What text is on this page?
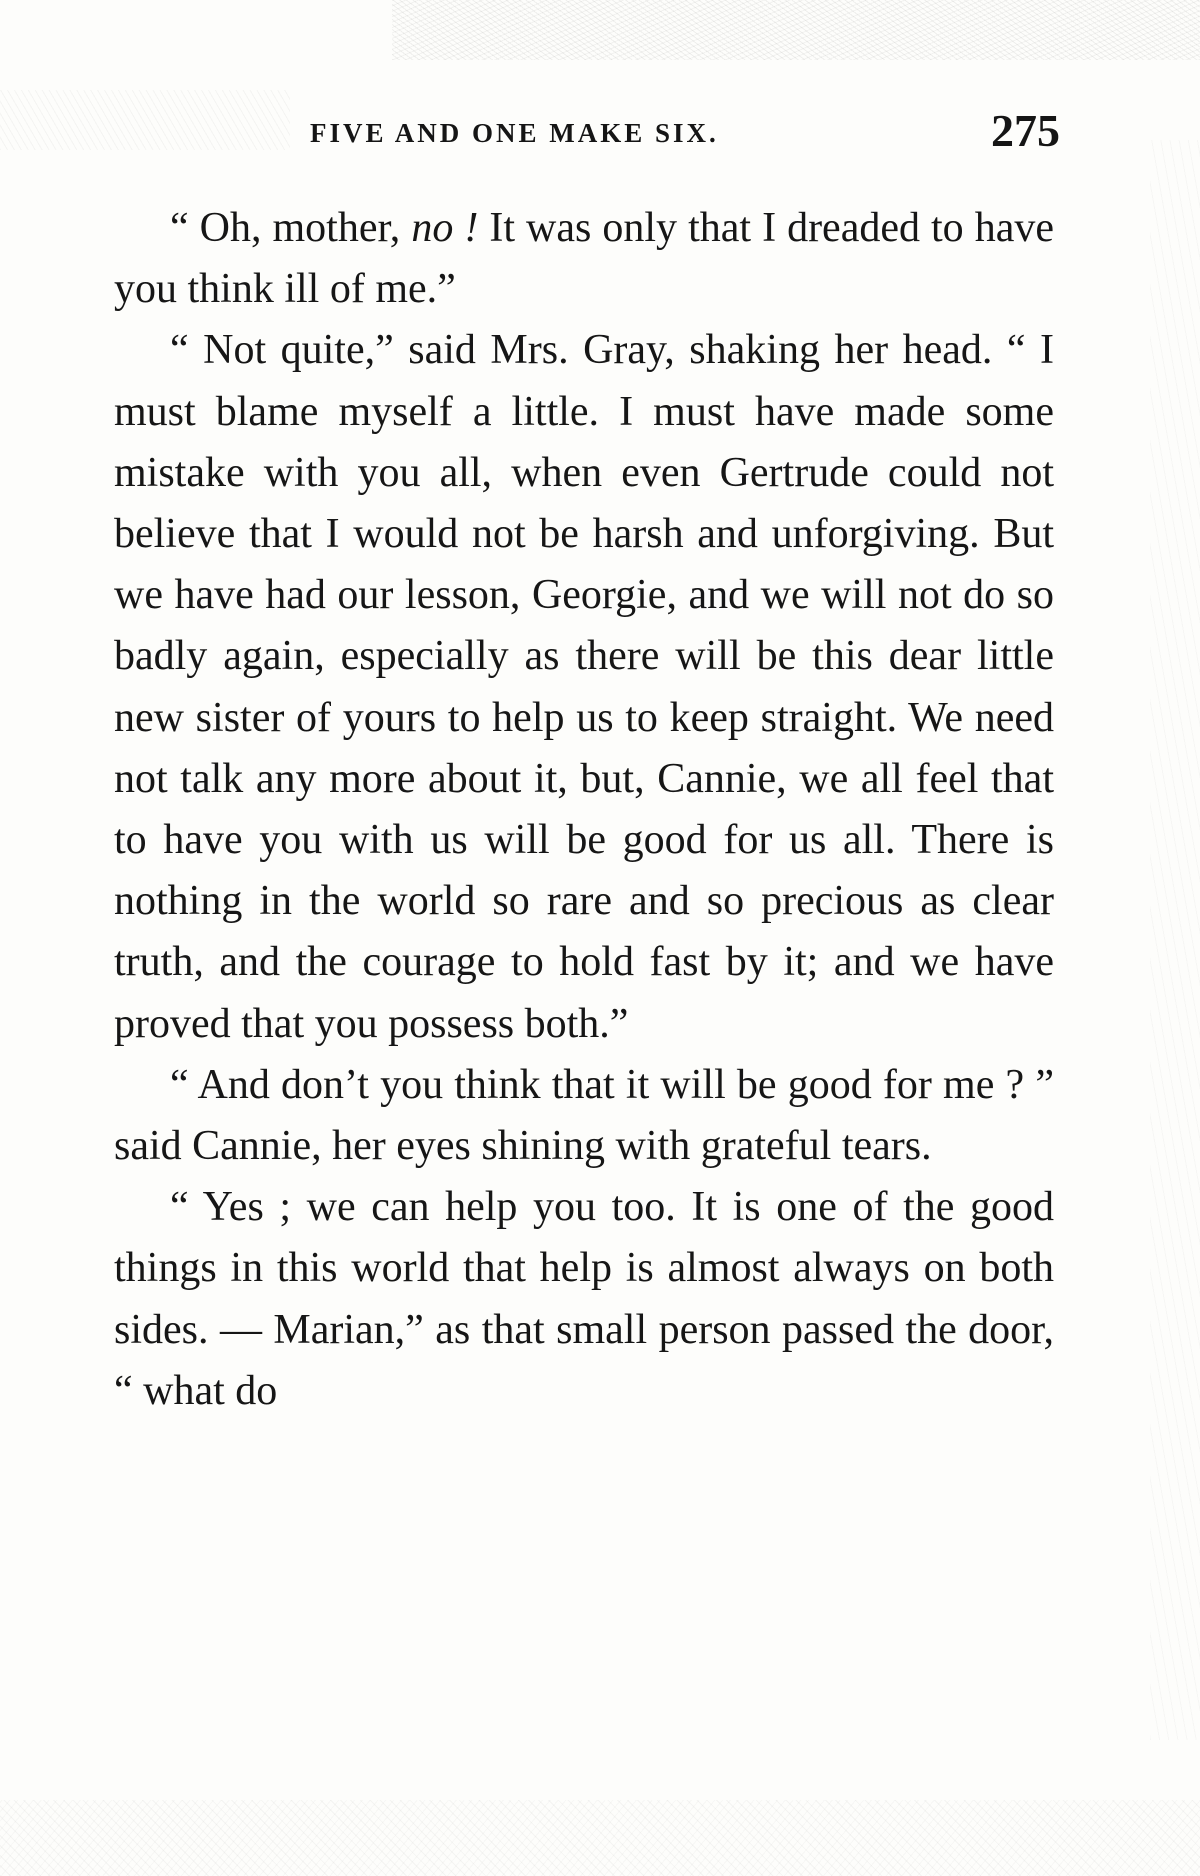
FIVE AND ONE MAKE SIX.	275

“ Oh, mother, no ! It was only that I dreaded to have you think ill of me.”

“ Not quite,” said Mrs. Gray, shaking her head. “ I must blame myself a little. I must have made some mistake with you all, when even Gertrude could not believe that I would not be harsh and unforgiving. But we have had our lesson, Georgie, and we will not do so badly again, especially as there will be this dear little new sister of yours to help us to keep straight. We need not talk any more about it, but, Cannie, we all feel that to have you with us will be good for us all. There is nothing in the world so rare and so precious as clear truth, and the courage to hold fast by it; and we have proved that you possess both.”

“ And don’t you think that it will be good for me ? ” said Cannie, her eyes shining with grateful tears.

“ Yes ; we can help you too. It is one of the good things in this world that help is almost always on both sides. — Marian,” as that small person passed the door, “ what do
